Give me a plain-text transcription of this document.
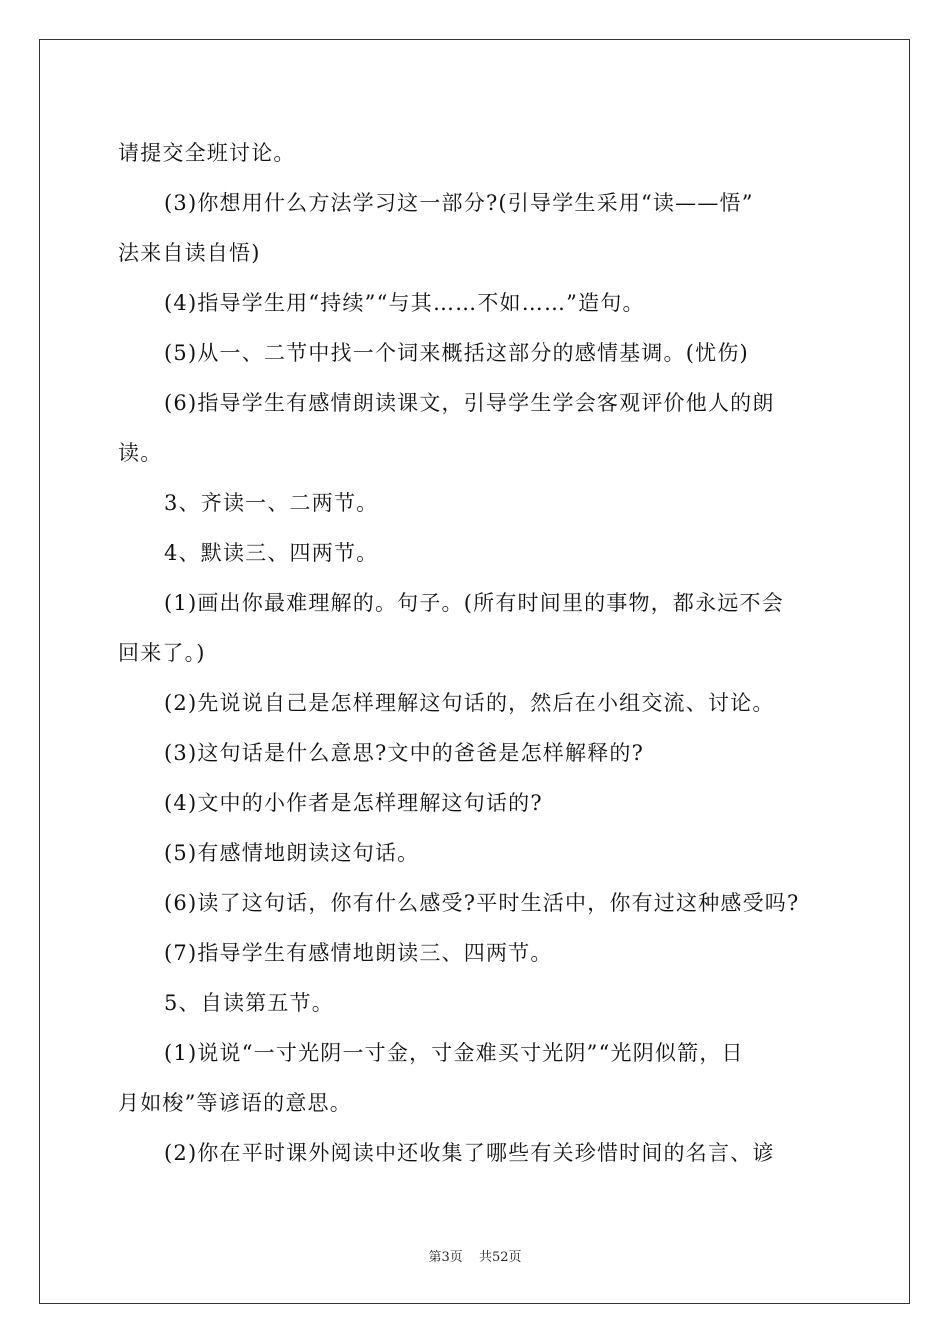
请提交全班讨论。

(3)你想用什么方法学习这一部分?(引导学生采用“读——悟”

法来自读自悟)

(4)指导学生用“持续”“与其……不如……”造句。

(5)从一、二节中找一个词来概括这部分的感情基调。(忧伤)

(6)指导学生有感情朗读课文，引导学生学会客观评价他人的朗

读。

3、齐读一、二两节。

4、默读三、四两节。

(1)画出你最难理解的。句子。(所有时间里的事物，都永远不会

回来了。)

(2)先说说自己是怎样理解这句话的，然后在小组交流、讨论。

(3)这句话是什么意思?文中的爸爸是怎样解释的?

(4)文中的小作者是怎样理解这句话的?

(5)有感情地朗读这句话。

(6)读了这句话，你有什么感受?平时生活中，你有过这种感受吗?

(7)指导学生有感情地朗读三、四两节。

5、自读第五节。

(1)说说“一寸光阴一寸金，寸金难买寸光阴”“光阴似箭，日

月如梭”等谚语的意思。

(2)你在平时课外阅读中还收集了哪些有关珍惜时间的名言、谚

第3页 共52页
